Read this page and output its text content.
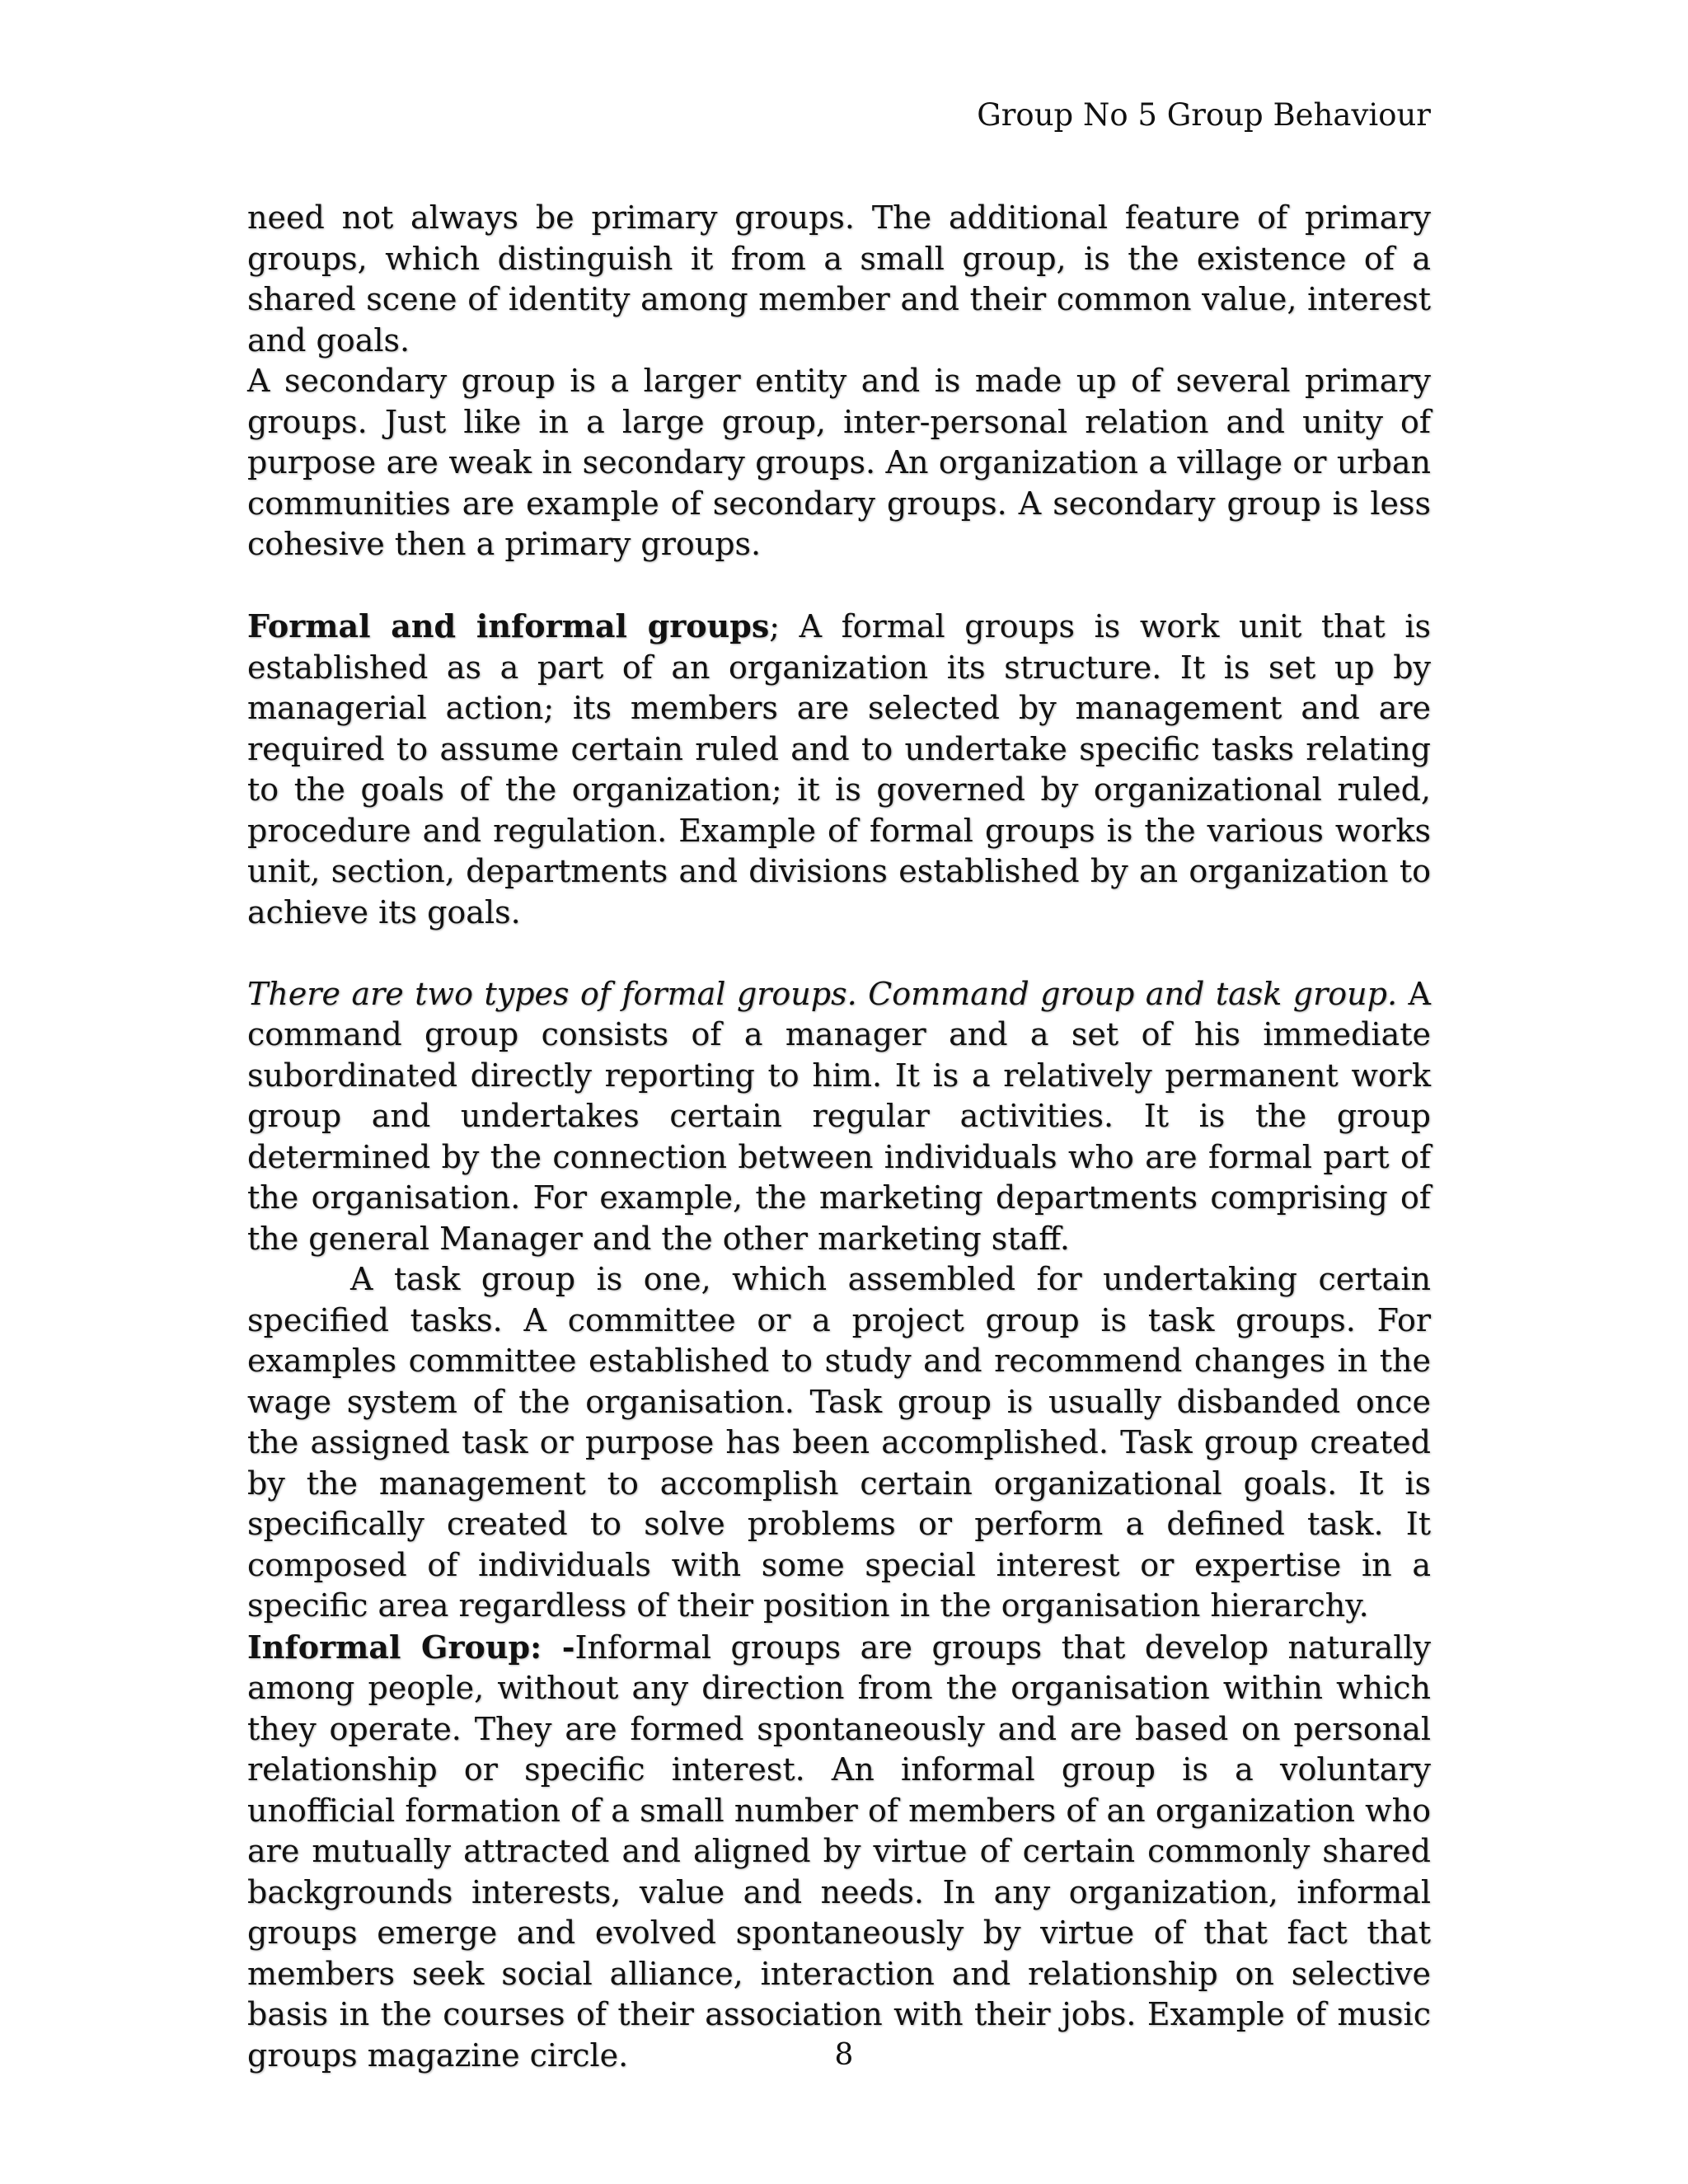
Group No 5 Group Behaviour

need not always be primary groups. The additional feature of primary groups, which distinguish it from a small group, is the existence of a shared scene of identity among member and their common value, interest and goals.

A secondary group is a larger entity and is made up of several primary groups. Just like in a large group, inter-personal relation and unity of purpose are weak in secondary groups. An organization a village or urban communities are example of secondary groups. A secondary group is less cohesive then a primary groups.

Formal and informal groups; A formal groups is work unit that is established as a part of an organization its structure. It is set up by managerial action; its members are selected by management and are required to assume certain ruled and to undertake specific tasks relating to the goals of the organization; it is governed by organizational ruled, procedure and regulation. Example of formal groups is the various works unit, section, departments and divisions established by an organization to achieve its goals.

There are two types of formal groups. Command group and task group. A command group consists of a manager and a set of his immediate subordinated directly reporting to him. It is a relatively permanent work group and undertakes certain regular activities. It is the group determined by the connection between individuals who are formal part of the organisation. For example, the marketing departments comprising of the general Manager and the other marketing staff.

A task group is one, which assembled for undertaking certain specified tasks. A committee or a project group is task groups. For examples committee established to study and recommend changes in the wage system of the organisation. Task group is usually disbanded once the assigned task or purpose has been accomplished. Task group created by the management to accomplish certain organizational goals. It is specifically created to solve problems or perform a defined task. It composed of individuals with some special interest or expertise in a specific area regardless of their position in the organisation hierarchy.

Informal Group: -Informal groups are groups that develop naturally among people, without any direction from the organisation within which they operate. They are formed spontaneously and are based on personal relationship or specific interest. An informal group is a voluntary unofficial formation of a small number of members of an organization who are mutually attracted and aligned by virtue of certain commonly shared backgrounds interests, value and needs. In any organization, informal groups emerge and evolved spontaneously by virtue of that fact that members seek social alliance, interaction and relationship on selective basis in the courses of their association with their jobs. Example of music groups magazine circle.	8
